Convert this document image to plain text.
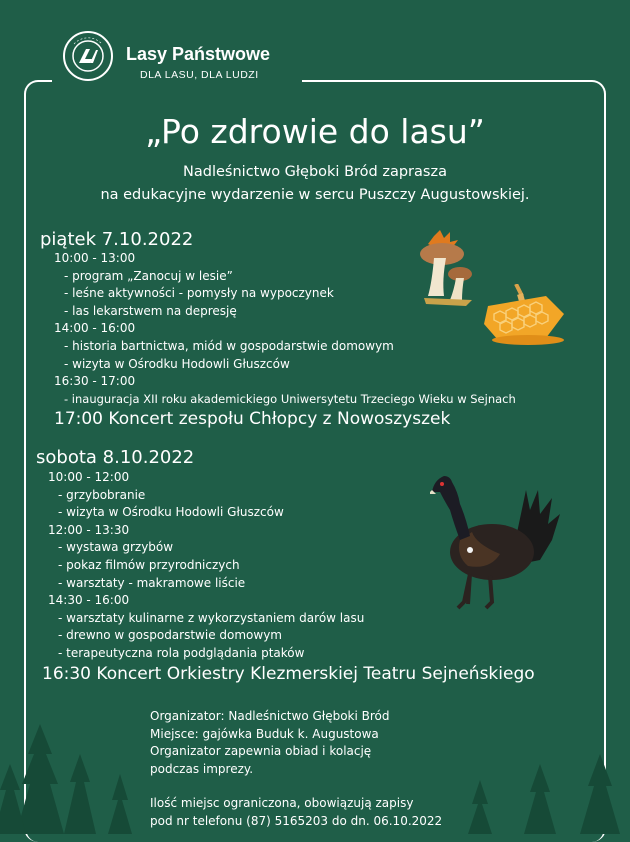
Lasy Państwowe
DLA LASU, DLA LUDZI
„Po zdrowie do lasu”
Nadleśnictwo Głęboki Bród zaprasza
na edukacyjne wydarzenie w sercu Puszczy Augustowskiej.
piątek 7.10.2022
10:00 - 13:00
- program „Zanocuj w lesie”
- leśne aktywności - pomysły na wypoczynek
- las lekarstwem na depresję
14:00 - 16:00
- historia bartnictwa, miód w gospodarstwie domowym
- wizyta w Ośrodku Hodowli Głuszców
16:30 - 17:00
- inauguracja XII roku akademickiego Uniwersytetu Trzeciego Wieku w Sejnach
17:00 Koncert zespołu Chłopcy z Nowoszyszek
sobota 8.10.2022
10:00 - 12:00
- grzybobranie
- wizyta w Ośrodku Hodowli Głuszców
12:00 - 13:30
- wystawa grzybów
- pokaz filmów przyrodniczych
- warsztaty - makramowe liście
14:30 - 16:00
- warsztaty kulinarne z wykorzystaniem darów lasu
- drewno w gospodarstwie domowym
- terapeutyczna rola podglądania ptaków
16:30 Koncert Orkiestry Klezmerskiej Teatru Sejneńskiego
Organizator: Nadleśnictwo Głęboki Bród
Miejsce: gajówka Buduk k. Augustowa
Organizator zapewnia obiad i kolację
podczas imprezy.
Ilość miejsc ograniczona, obowiązują zapisy
pod nr telefonu (87) 5165203 do dn. 06.10.2022
